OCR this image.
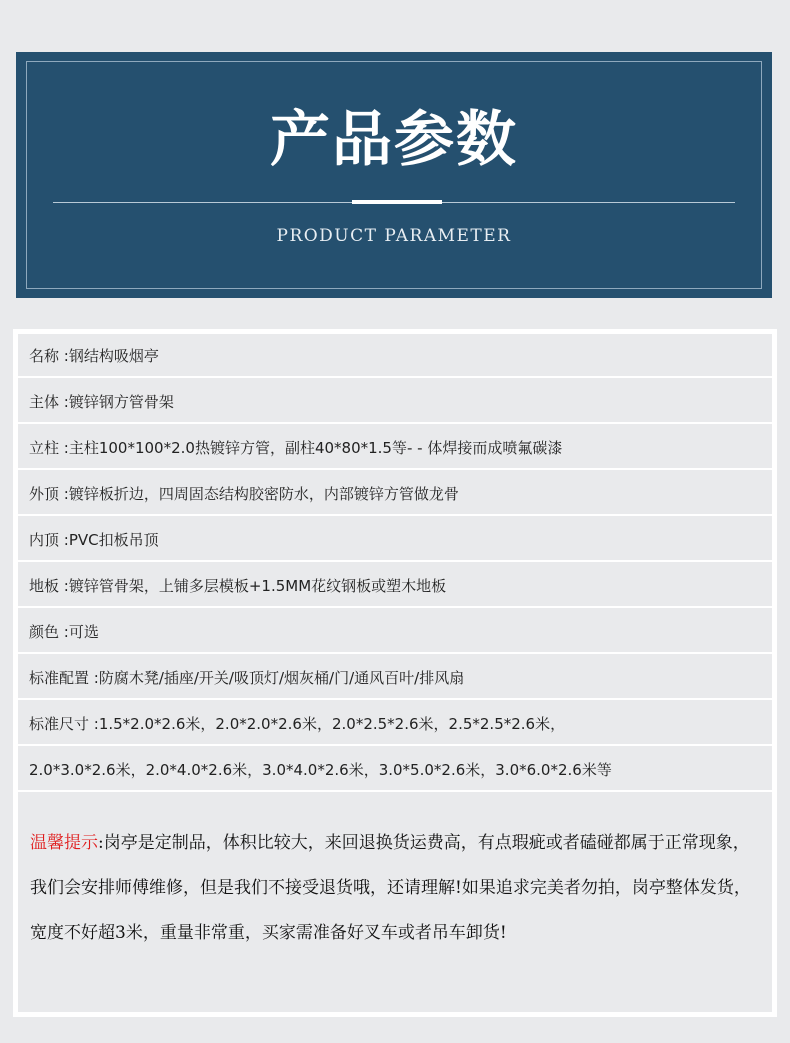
产品参数
PRODUCT PARAMETER
名称 : 钢结构吸烟亭
主体 : 镀锌钢方管骨架
立柱 : 主柱100*100*2.0热镀锌方管，副柱40*80*1.5等- - 体焊接而成喷氟碳漆
外顶 : 镀锌板折边，四周固态结构胶密防水，内部镀锌方管做龙骨
内顶 : PVC扣板吊顶
地板 : 镀锌管骨架，上铺多层模板+1.5MM花纹钢板或塑木地板
颜色 : 可选
标准配置 : 防腐木凳/插座/开关/吸顶灯/烟灰桶/门/通风百叶/排风扇
标准尺寸 : 1.5*2.0*2.6米，2.0*2.0*2.6米，2.0*2.5*2.6米，2.5*2.5*2.6米，
2.0*3.0*2.6米，2.0*4.0*2.6米，3.0*4.0*2.6米，3.0*5.0*2.6米，3.0*6.0*2.6米等
温馨提示:岗亭是定制品，体积比较大，来回退换货运费高，有点瑕疵或者磕碰都属于正常现象，我们会安排师傅维修，但是我们不接受退货哦，还请理解!如果追求完美者勿拍，岗亭整体发货，宽度不好超3米，重量非常重，买家需准备好叉车或者吊车卸货!
